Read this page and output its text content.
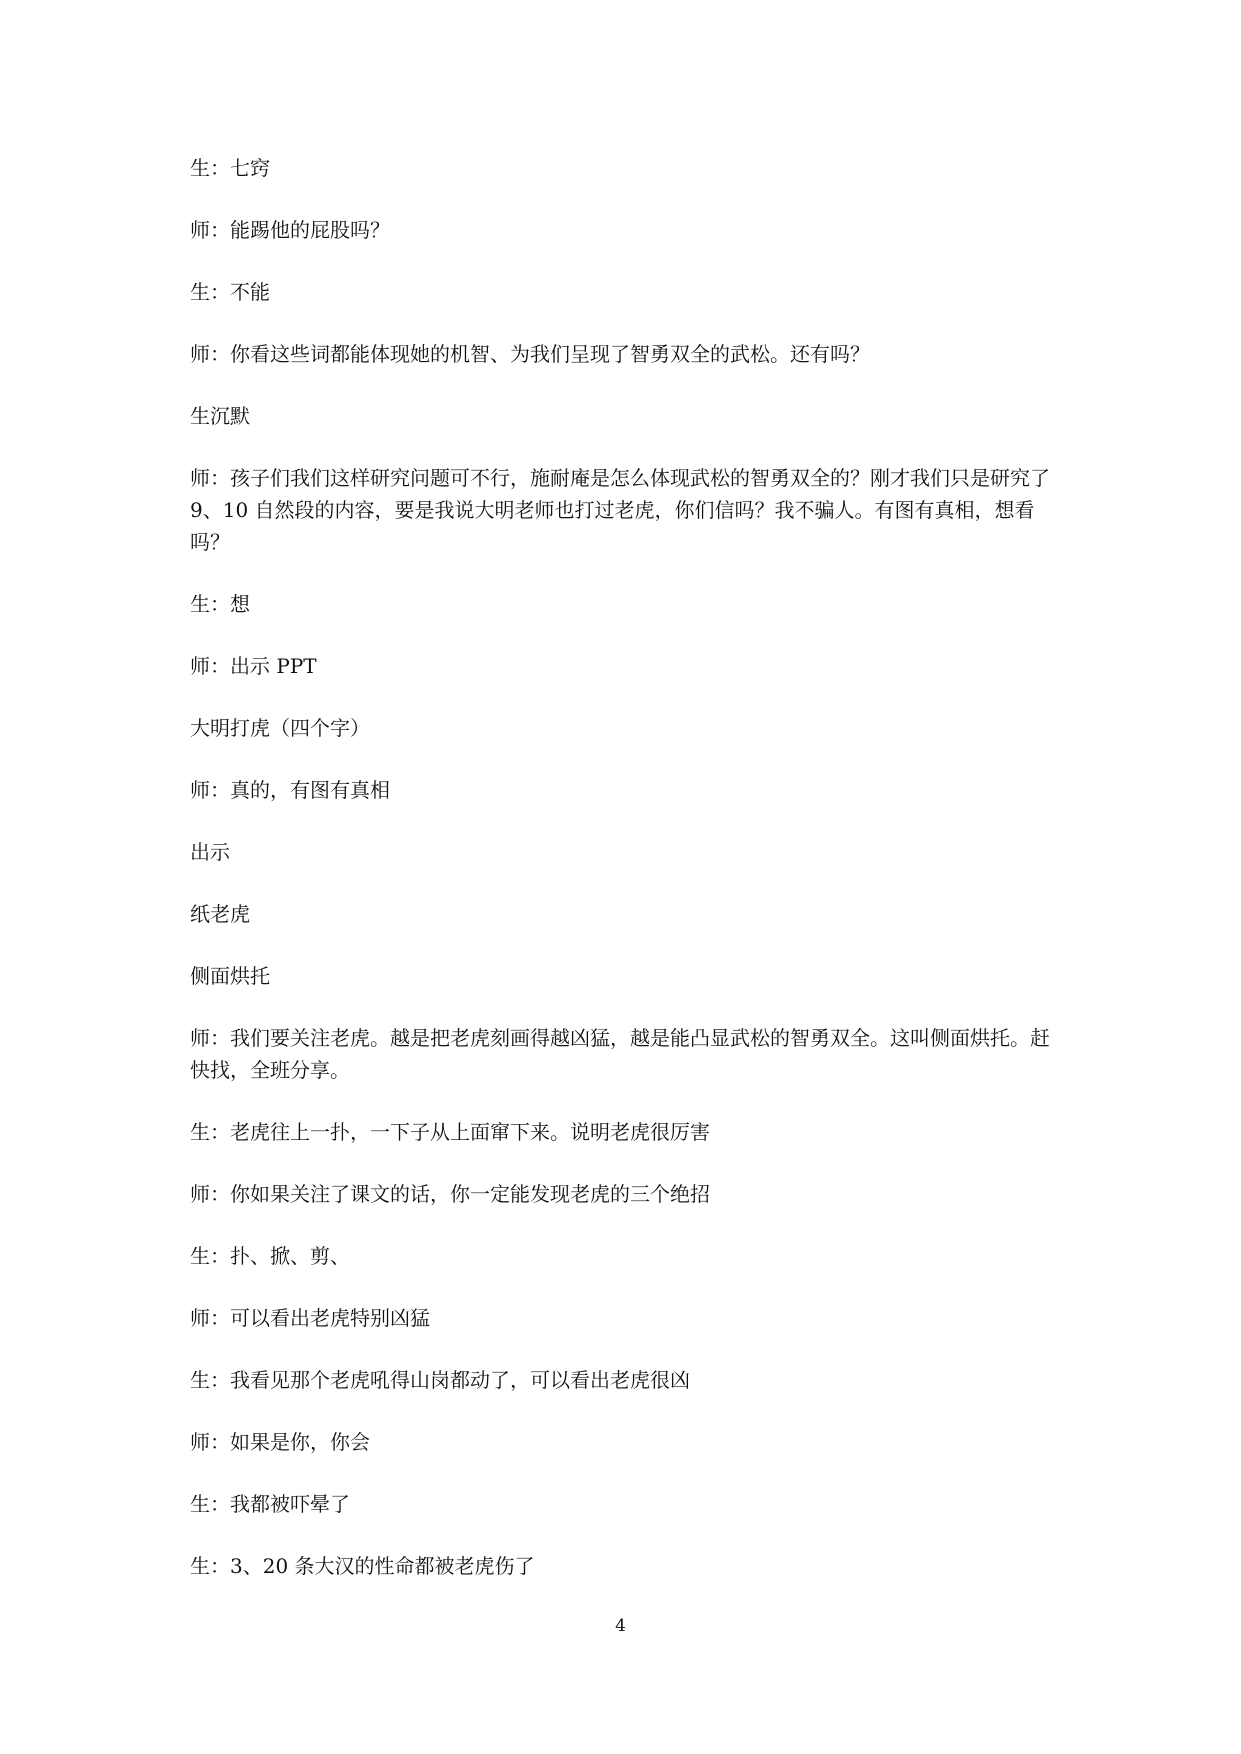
生：七窍

师：能踢他的屁股吗？

生：不能

师：你看这些词都能体现她的机智、为我们呈现了智勇双全的武松。还有吗？

生沉默

师：孩子们我们这样研究问题可不行，施耐庵是怎么体现武松的智勇双全的？刚才我们只是研究了 9、10 自然段的内容，要是我说大明老师也打过老虎，你们信吗？我不骗人。有图有真相，想看吗？

生：想

师：出示 PPT

大明打虎（四个字）

师：真的，有图有真相

出示

纸老虎

侧面烘托

师：我们要关注老虎。越是把老虎刻画得越凶猛，越是能凸显武松的智勇双全。这叫侧面烘托。赶快找，全班分享。

生：老虎往上一扑，一下子从上面窜下来。说明老虎很厉害

师：你如果关注了课文的话，你一定能发现老虎的三个绝招

生：扑、掀、剪、

师：可以看出老虎特别凶猛

生：我看见那个老虎吼得山岗都动了，可以看出老虎很凶

师：如果是你，你会

生：我都被吓晕了

生：3、20 条大汉的性命都被老虎伤了

4
